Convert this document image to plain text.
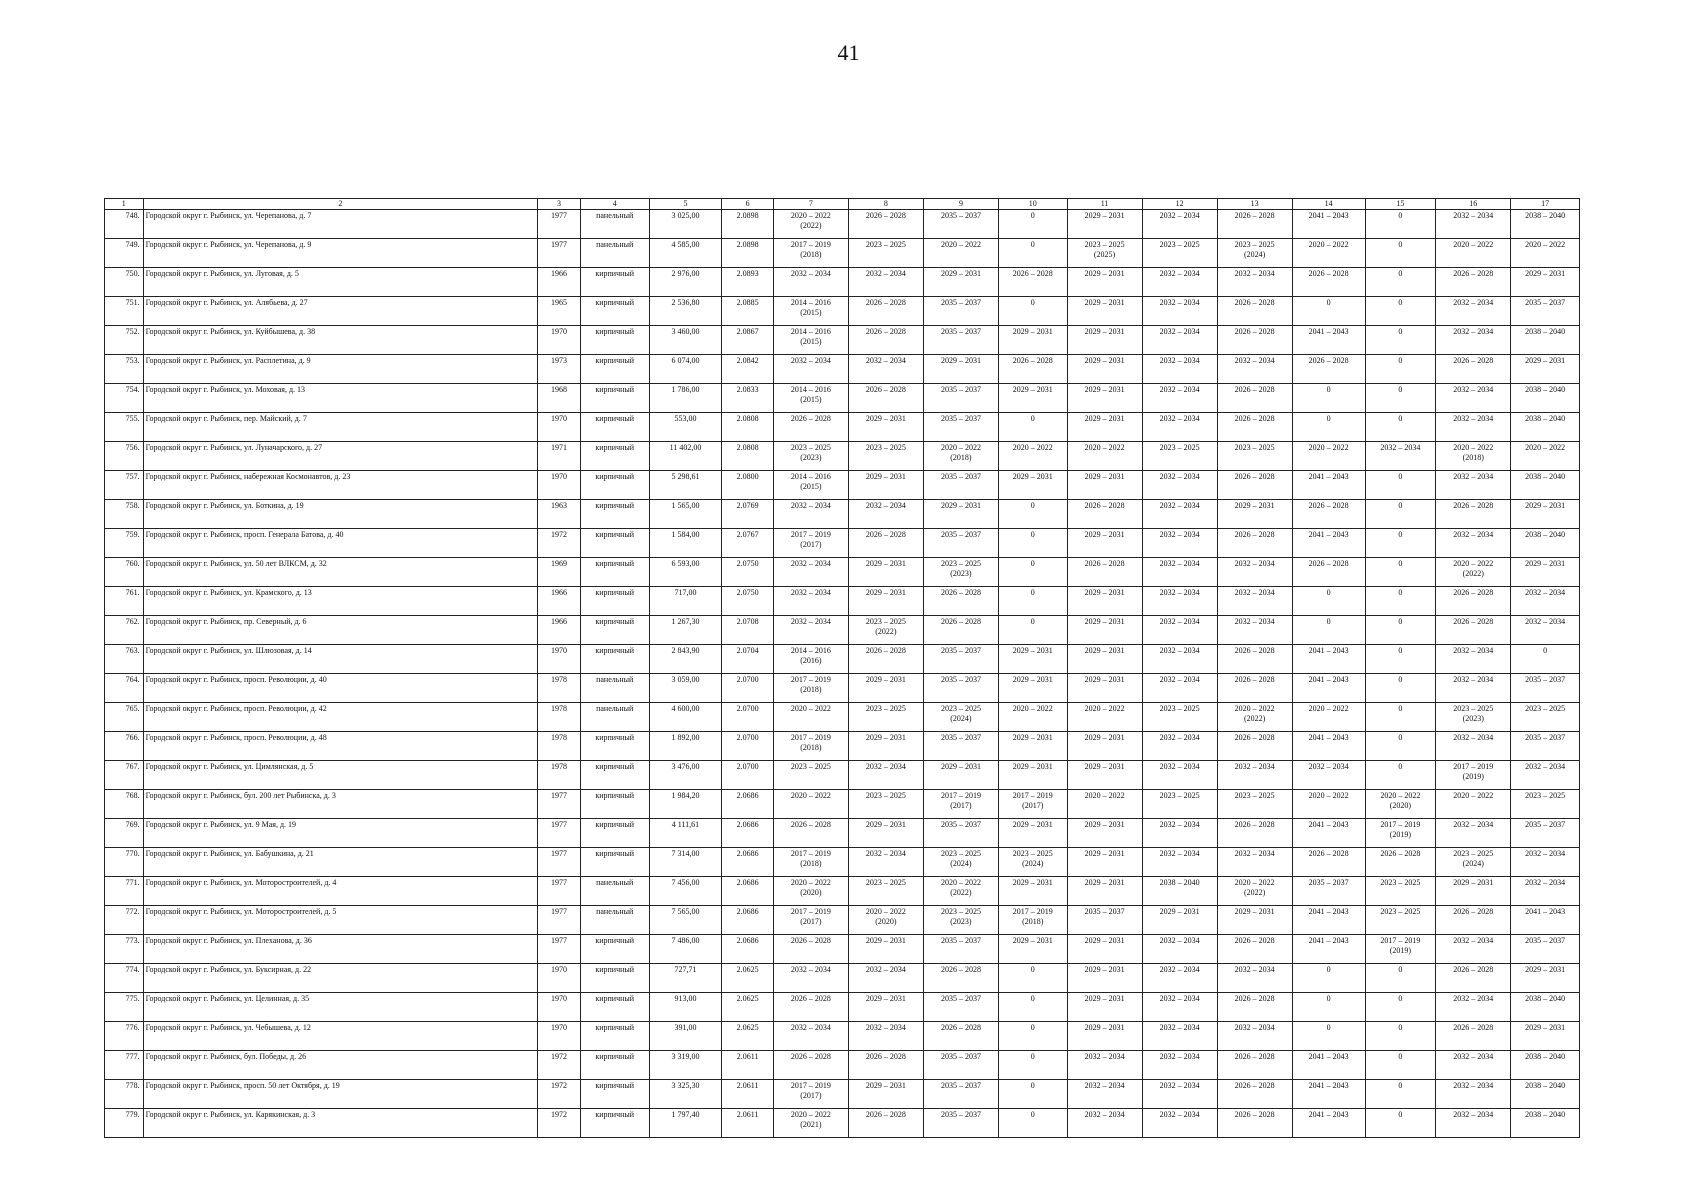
41
1	2	3	4	5	6	7	8	9	10	11	12	13	14	15	16	17
748.	Городской округ г. Рыбинск, ул. Черепанова, д. 7	1977	панельный	3 025,00	2.0898	2020 – 2022
(2022)	2026 – 2028	2035 – 2037	0	2029 – 2031	2032 – 2034	2026 – 2028	2041 – 2043	0	2032 – 2034	2038 – 2040
749.	Городской округ г. Рыбинск, ул. Черепанова, д. 9	1977	панельный	4 585,00	2.0898	2017 – 2019
(2018)	2023 – 2025	2020 – 2022	0	2023 – 2025
(2025)	2023 – 2025	2023 – 2025
(2024)	2020 – 2022	0	2020 – 2022	2020 – 2022
750.	Городской округ г. Рыбинск, ул. Луговая, д. 5	1966	кирпичный	2 976,00	2.0893	2032 – 2034	2032 – 2034	2029 – 2031	2026 – 2028	2029 – 2031	2032 – 2034	2032 – 2034	2026 – 2028	0	2026 – 2028	2029 – 2031
751.	Городской округ г. Рыбинск, ул. Алябьева, д. 27	1965	кирпичный	2 536,80	2.0885	2014 – 2016
(2015)	2026 – 2028	2035 – 2037	0	2029 – 2031	2032 – 2034	2026 – 2028	0	0	2032 – 2034	2035 – 2037
752.	Городской округ г. Рыбинск, ул. Куйбышева, д. 38	1970	кирпичный	3 460,00	2.0867	2014 – 2016
(2015)	2026 – 2028	2035 – 2037	2029 – 2031	2029 – 2031	2032 – 2034	2026 – 2028	2041 – 2043	0	2032 – 2034	2038 – 2040
753.	Городской округ г. Рыбинск, ул. Расплетина, д. 9	1973	кирпичный	6 074,00	2.0842	2032 – 2034	2032 – 2034	2029 – 2031	2026 – 2028	2029 – 2031	2032 – 2034	2032 – 2034	2026 – 2028	0	2026 – 2028	2029 – 2031
754.	Городской округ г. Рыбинск, ул. Моховая, д. 13	1968	кирпичный	1 786,00	2.0833	2014 – 2016
(2015)	2026 – 2028	2035 – 2037	2029 – 2031	2029 – 2031	2032 – 2034	2026 – 2028	0	0	2032 – 2034	2038 – 2040
755.	Городской округ г. Рыбинск, пер. Майский, д. 7	1970	кирпичный	553,00	2.0808	2026 – 2028	2029 – 2031	2035 – 2037	0	2029 – 2031	2032 – 2034	2026 – 2028	0	0	2032 – 2034	2038 – 2040
756.	Городской округ г. Рыбинск, ул. Луначарского, д. 27	1971	кирпичный	11 402,00	2.0808	2023 – 2025
(2023)	2023 – 2025	2020 – 2022
(2018)	2020 – 2022	2020 – 2022	2023 – 2025	2023 – 2025	2020 – 2022	2032 – 2034	2020 – 2022
(2018)	2020 – 2022
757.	Городской округ г. Рыбинск, набережная Космонавтов, д. 23	1970	кирпичный	5 298,61	2.0800	2014 – 2016
(2015)	2029 – 2031	2035 – 2037	2029 – 2031	2029 – 2031	2032 – 2034	2026 – 2028	2041 – 2043	0	2032 – 2034	2038 – 2040
758.	Городской округ г. Рыбинск, ул. Боткина, д. 19	1963	кирпичный	1 565,00	2.0769	2032 – 2034	2032 – 2034	2029 – 2031	0	2026 – 2028	2032 – 2034	2029 – 2031	2026 – 2028	0	2026 – 2028	2029 – 2031
759.	Городской округ г. Рыбинск, просп. Генерала Батова, д. 40	1972	кирпичный	1 584,00	2.0767	2017 – 2019
(2017)	2026 – 2028	2035 – 2037	0	2029 – 2031	2032 – 2034	2026 – 2028	2041 – 2043	0	2032 – 2034	2038 – 2040
760.	Городской округ г. Рыбинск, ул. 50 лет ВЛКСМ, д. 32	1969	кирпичный	6 593,00	2.0750	2032 – 2034	2029 – 2031	2023 – 2025
(2023)	0	2026 – 2028	2032 – 2034	2032 – 2034	2026 – 2028	0	2020 – 2022
(2022)	2029 – 2031
761.	Городской округ г. Рыбинск, ул. Крамского, д. 13	1966	кирпичный	717,00	2.0750	2032 – 2034	2029 – 2031	2026 – 2028	0	2029 – 2031	2032 – 2034	2032 – 2034	0	0	2026 – 2028	2032 – 2034
762.	Городской округ г. Рыбинск, пр. Северный, д. 6	1966	кирпичный	1 267,30	2.0708	2032 – 2034	2023 – 2025
(2022)	2026 – 2028	0	2029 – 2031	2032 – 2034	2032 – 2034	0	0	2026 – 2028	2032 – 2034
763.	Городской округ г. Рыбинск, ул. Шлюзовая, д. 14	1970	кирпичный	2 843,90	2.0704	2014 – 2016
(2016)	2026 – 2028	2035 – 2037	2029 – 2031	2029 – 2031	2032 – 2034	2026 – 2028	2041 – 2043	0	2032 – 2034	0
764.	Городской округ г. Рыбинск, просп. Революции, д. 40	1978	панельный	3 059,00	2.0700	2017 – 2019
(2018)	2029 – 2031	2035 – 2037	2029 – 2031	2029 – 2031	2032 – 2034	2026 – 2028	2041 – 2043	0	2032 – 2034	2035 – 2037
765.	Городской округ г. Рыбинск, просп. Революции, д. 42	1978	панельный	4 600,00	2.0700	2020 – 2022	2023 – 2025	2023 – 2025
(2024)	2020 – 2022	2020 – 2022	2023 – 2025	2020 – 2022
(2022)	2020 – 2022	0	2023 – 2025
(2023)	2023 – 2025
766.	Городской округ г. Рыбинск, просп. Революции, д. 48	1978	кирпичный	1 892,00	2.0700	2017 – 2019
(2018)	2029 – 2031	2035 – 2037	2029 – 2031	2029 – 2031	2032 – 2034	2026 – 2028	2041 – 2043	0	2032 – 2034	2035 – 2037
767.	Городской округ г. Рыбинск, ул. Цимлянская, д. 5	1978	кирпичный	3 476,00	2.0700	2023 – 2025	2032 – 2034	2029 – 2031	2029 – 2031	2029 – 2031	2032 – 2034	2032 – 2034	2032 – 2034	0	2017 – 2019
(2019)	2032 – 2034
768.	Городской округ г. Рыбинск, бул. 200 лет Рыбинска, д. 3	1977	кирпичный	1 984,20	2.0686	2020 – 2022	2023 – 2025	2017 – 2019
(2017)	2017 – 2019
(2017)	2020 – 2022	2023 – 2025	2023 – 2025	2020 – 2022	2020 – 2022
(2020)	2020 – 2022	2023 – 2025
769.	Городской округ г. Рыбинск, ул. 9 Мая, д. 19	1977	кирпичный	4 111,61	2.0686	2026 – 2028	2029 – 2031	2035 – 2037	2029 – 2031	2029 – 2031	2032 – 2034	2026 – 2028	2041 – 2043	2017 – 2019
(2019)	2032 – 2034	2035 – 2037
770.	Городской округ г. Рыбинск, ул. Бабушкина, д. 21	1977	кирпичный	7 314,00	2.0686	2017 – 2019
(2018)	2032 – 2034	2023 – 2025
(2024)	2023 – 2025
(2024)	2029 – 2031	2032 – 2034	2032 – 2034	2026 – 2028	2026 – 2028	2023 – 2025
(2024)	2032 – 2034
771.	Городской округ г. Рыбинск, ул. Моторостроителей, д. 4	1977	панельный	7 456,00	2.0686	2020 – 2022
(2020)	2023 – 2025	2020 – 2022
(2022)	2029 – 2031	2029 – 2031	2038 – 2040	2020 – 2022
(2022)	2035 – 2037	2023 – 2025	2029 – 2031	2032 – 2034
772.	Городской округ г. Рыбинск, ул. Моторостроителей, д. 5	1977	панельный	7 565,00	2.0686	2017 – 2019
(2017)	2020 – 2022
(2020)	2023 – 2025
(2023)	2017 – 2019
(2018)	2035 – 2037	2029 – 2031	2029 – 2031	2041 – 2043	2023 – 2025	2026 – 2028	2041 – 2043
773.	Городской округ г. Рыбинск, ул. Плеханова, д. 36	1977	кирпичный	7 486,00	2.0686	2026 – 2028	2029 – 2031	2035 – 2037	2029 – 2031	2029 – 2031	2032 – 2034	2026 – 2028	2041 – 2043	2017 – 2019
(2019)	2032 – 2034	2035 – 2037
774.	Городской округ г. Рыбинск, ул. Буксирная, д. 22	1970	кирпичный	727,71	2.0625	2032 – 2034	2032 – 2034	2026 – 2028	0	2029 – 2031	2032 – 2034	2032 – 2034	0	0	2026 – 2028	2029 – 2031
775.	Городской округ г. Рыбинск, ул. Целинная, д. 35	1970	кирпичный	913,00	2.0625	2026 – 2028	2029 – 2031	2035 – 2037	0	2029 – 2031	2032 – 2034	2026 – 2028	0	0	2032 – 2034	2038 – 2040
776.	Городской округ г. Рыбинск, ул. Чебышева, д. 12	1970	кирпичный	391,00	2.0625	2032 – 2034	2032 – 2034	2026 – 2028	0	2029 – 2031	2032 – 2034	2032 – 2034	0	0	2026 – 2028	2029 – 2031
777.	Городской округ г. Рыбинск, бул. Победы, д. 26	1972	кирпичный	3 319,00	2.0611	2026 – 2028	2026 – 2028	2035 – 2037	0	2032 – 2034	2032 – 2034	2026 – 2028	2041 – 2043	0	2032 – 2034	2038 – 2040
778.	Городской округ г. Рыбинск, просп. 50 лет Октября, д. 19	1972	кирпичный	3 325,30	2.0611	2017 – 2019
(2017)	2029 – 2031	2035 – 2037	0	2032 – 2034	2032 – 2034	2026 – 2028	2041 – 2043	0	2032 – 2034	2038 – 2040
779.	Городской округ г. Рыбинск, ул. Карякинская, д. 3	1972	кирпичный	1 797,40	2.0611	2020 – 2022
(2021)	2026 – 2028	2035 – 2037	0	2032 – 2034	2032 – 2034	2026 – 2028	2041 – 2043	0	2032 – 2034	2038 – 2040
